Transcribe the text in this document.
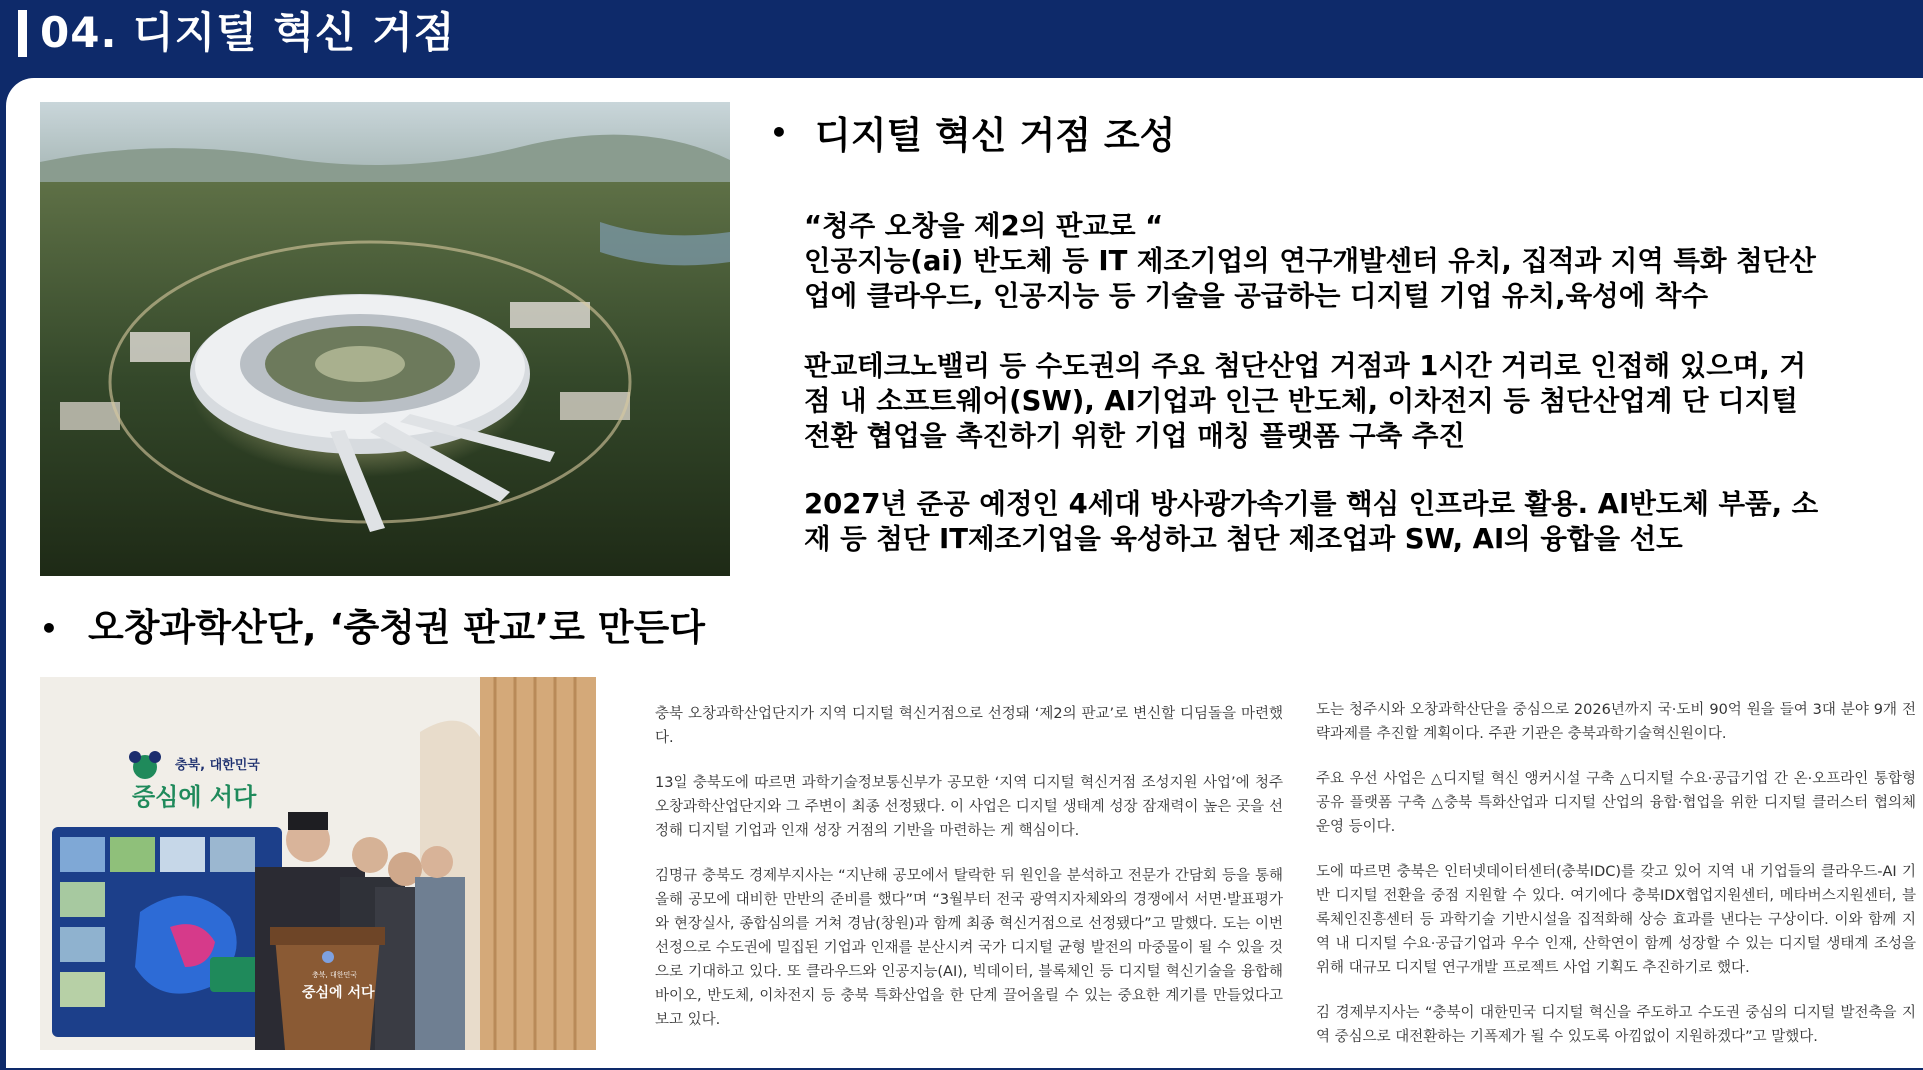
04. 디지털 혁신 거점
• 디지털 혁신 거점 조성

“청주 오창을 제2의 판교로 “
인공지능(ai) 반도체 등 IT 제조기업의 연구개발센터 유치, 집적과 지역 특화 첨단산
업에 클라우드, 인공지능 등 기술을 공급하는 디지털 기업 유치,육성에 착수

판교테크노밸리 등 수도권의 주요 첨단산업 거점과 1시간 거리로 인접해 있으며, 거
점 내 소프트웨어(SW), AI기업과 인근 반도체, 이차전지 등 첨단산업계 단 디지털
전환 협업을 촉진하기 위한 기업 매칭 플랫폼 구축 추진

2027년 준공 예정인 4세대 방사광가속기를 핵심 인프라로 활용. AI반도체 부품, 소
재 등 첨단 IT제조기업을 육성하고 첨단 제조업과 SW, AI의 융합을 선도

• 오창과학산단, ‘충청권 판교’로 만든다
충북, 대한민국
중심에 서다
충북, 대한민국
중심에 서다

충북 오창과학산업단지가 지역 디지털 혁신거점으로 선정돼 ‘제2의 판교’로 변신할 디딤돌을 마련했다.

13일 충북도에 따르면 과학기술정보통신부가 공모한 ‘지역 디지털 혁신거점 조성지원 사업’에 청주 오창과학산업단지와 그 주변이 최종 선정됐다. 이 사업은 디지털 생태계 성장 잠재력이 높은 곳을 선정해 디지털 기업과 인재 성장 거점의 기반을 마련하는 게 핵심이다.

김명규 충북도 경제부지사는 “지난해 공모에서 탈락한 뒤 원인을 분석하고 전문가 간담회 등을 통해 올해 공모에 대비한 만반의 준비를 했다”며 “3월부터 전국 광역지자체와의 경쟁에서 서면·발표평가와 현장실사, 종합심의를 거쳐 경남(창원)과 함께 최종 혁신거점으로 선정됐다”고 말했다. 도는 이번 선정으로 수도권에 밀집된 기업과 인재를 분산시켜 국가 디지털 균형 발전의 마중물이 될 수 있을 것으로 기대하고 있다. 또 클라우드와 인공지능(AI), 빅데이터, 블록체인 등 디지털 혁신기술을 융합해 바이오, 반도체, 이차전지 등 충북 특화산업을 한 단계 끌어올릴 수 있는 중요한 계기를 만들었다고 보고 있다.

도는 청주시와 오창과학산단을 중심으로 2026년까지 국·도비 90억 원을 들여 3대 분야 9개 전략과제를 추진할 계획이다. 주관 기관은 충북과학기술혁신원이다.

주요 우선 사업은 △디지털 혁신 앵커시설 구축 △디지털 수요·공급기업 간 온·오프라인 통합형 공유 플랫폼 구축 △충북 특화산업과 디지털 산업의 융합·협업을 위한 디지털 클러스터 협의체 운영 등이다.

도에 따르면 충북은 인터넷데이터센터(충북IDC)를 갖고 있어 지역 내 기업들의 클라우드-AI 기반 디지털 전환을 중점 지원할 수 있다. 여기에다 충북IDX협업지원센터, 메타버스지원센터, 블록체인진흥센터 등 과학기술 기반시설을 집적화해 상승 효과를 낸다는 구상이다. 이와 함께 지역 내 디지털 수요·공급기업과 우수 인재, 산학연이 함께 성장할 수 있는 디지털 생태계 조성을 위해 대규모 디지털 연구개발 프로젝트 사업 기획도 추진하기로 했다.

김 경제부지사는 “충북이 대한민국 디지털 혁신을 주도하고 수도권 중심의 디지털 발전축을 지역 중심으로 대전환하는 기폭제가 될 수 있도록 아낌없이 지원하겠다”고 말했다.
